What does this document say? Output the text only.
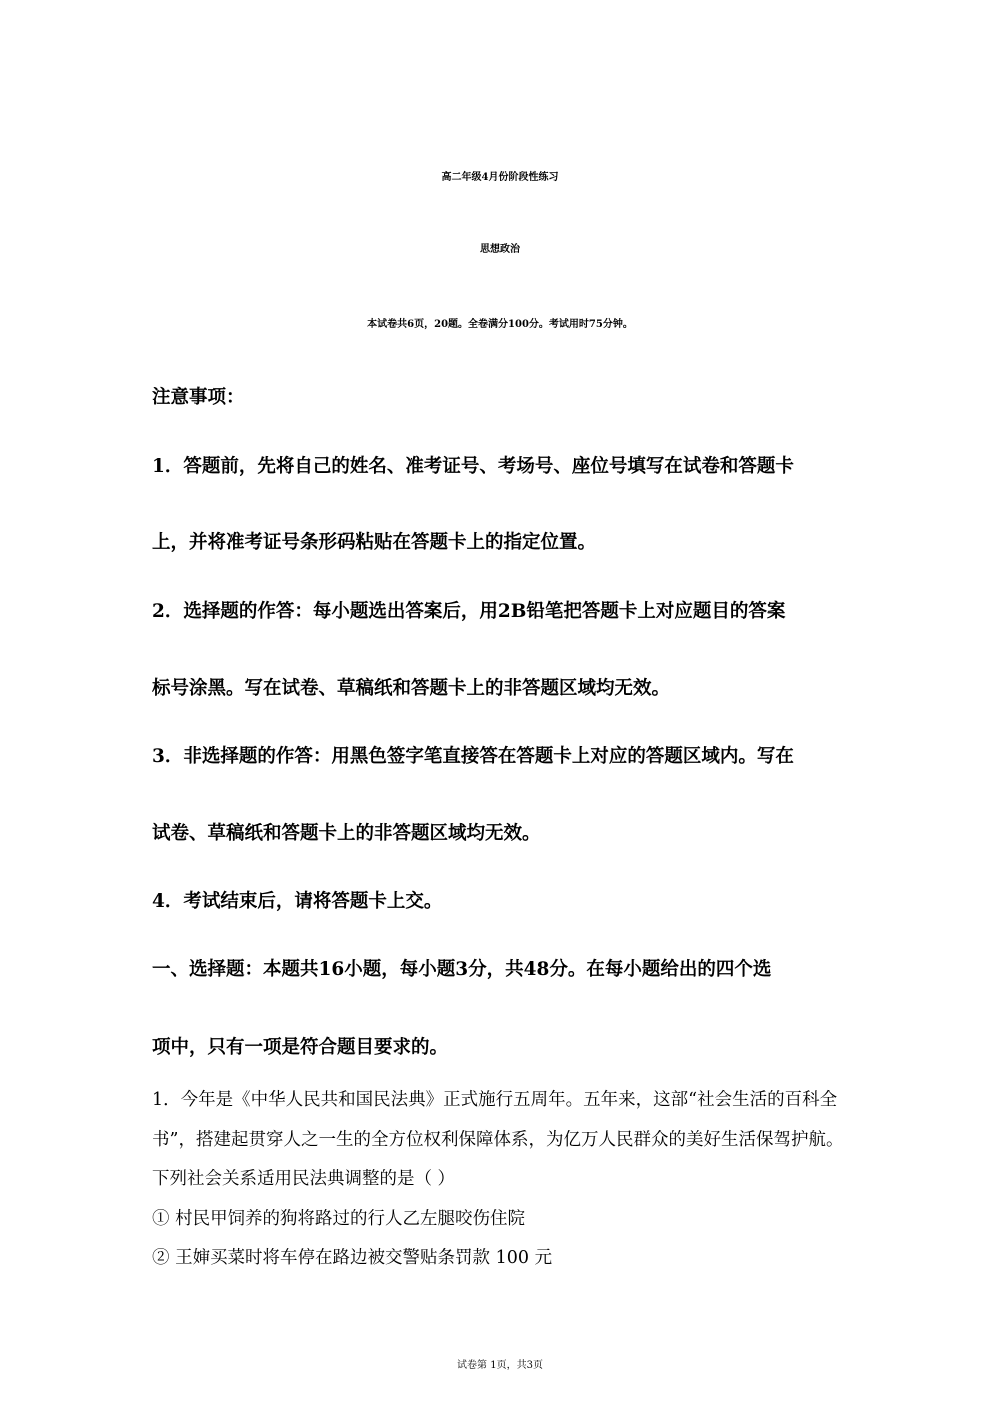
高二年级4月份阶段性练习
思想政治
本试卷共6页，20题。全卷满分100分。考试用时75分钟。
注意事项：
1．答题前，先将自己的姓名、准考证号、考场号、座位号填写在试卷和答题卡
上，并将准考证号条形码粘贴在答题卡上的指定位置。
2．选择题的作答：每小题选出答案后，用2B铅笔把答题卡上对应题目的答案
标号涂黑。写在试卷、草稿纸和答题卡上的非答题区域均无效。
3．非选择题的作答：用黑色签字笔直接答在答题卡上对应的答题区域内。写在
试卷、草稿纸和答题卡上的非答题区域均无效。
4．考试结束后，请将答题卡上交。
一、选择题：本题共16小题，每小题3分，共48分。在每小题给出的四个选
项中，只有一项是符合题目要求的。
1．今年是《中华人民共和国民法典》正式施行五周年。五年来，这部“社会生活的百科全
书”，搭建起贯穿人之一生的全方位权利保障体系，为亿万人民群众的美好生活保驾护航。
下列社会关系适用民法典调整的是（ ）
① 村民甲饲养的狗将路过的行人乙左腿咬伤住院
② 王婶买菜时将车停在路边被交警贴条罚款 100 元
试卷第 1页，共3页
